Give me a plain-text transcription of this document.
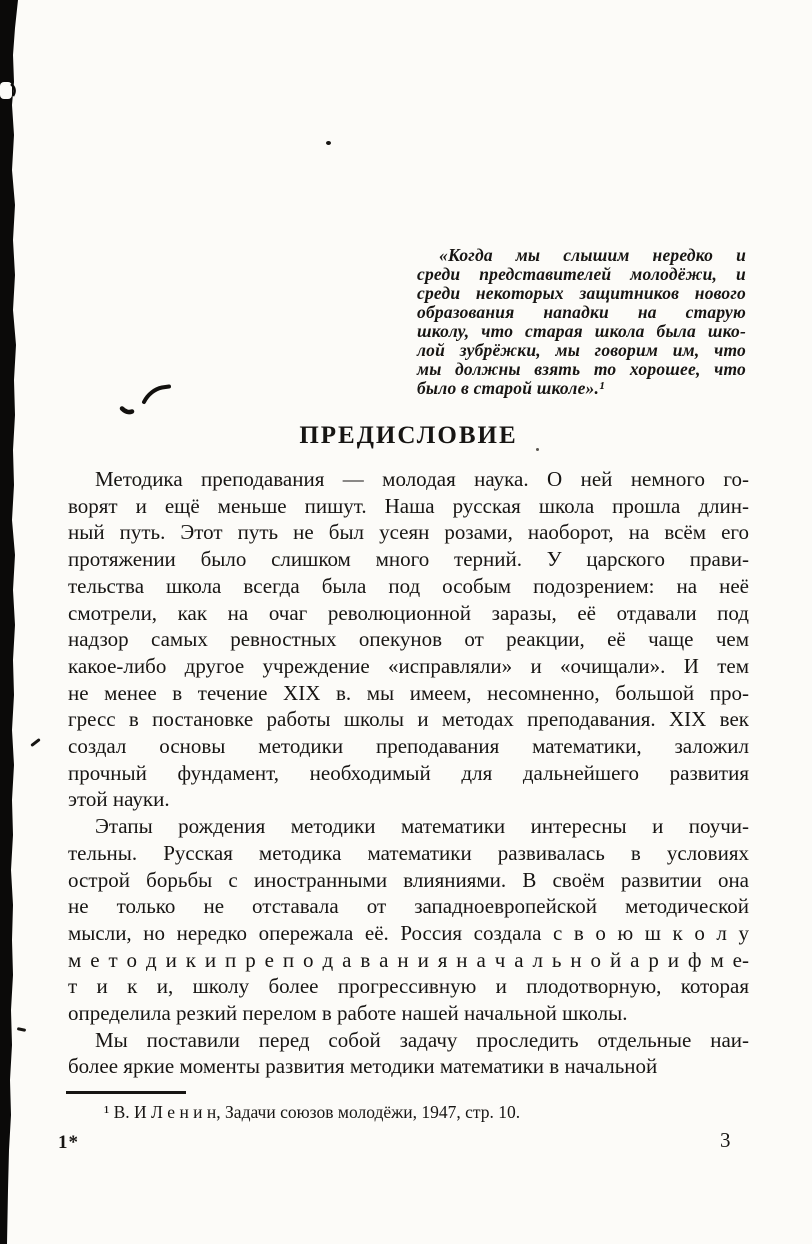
«Когда мы слышим нередко и
среди представителей молодёжи, и
среди некоторых защитников нового
образования нападки на старую
школу, что старая школа была шко-
лой зубрёжки, мы говорим им, что
мы должны взять то хорошее, что
было в старой школе».¹
ПРЕДИСЛОВИЕ
Методика преподавания — молодая наука. О ней немного го-
ворят и ещё меньше пишут. Наша русская школа прошла длин-
ный путь. Этот путь не был усеян розами, наоборот, на всём его
протяжении было слишком много терний. У царского прави-
тельства школа всегда была под особым подозрением: на неё
смотрели, как на очаг революционной заразы, её отдавали под
надзор самых ревностных опекунов от реакции, её чаще чем
какое-либо другое учреждение «исправляли» и «очищали». И тем
не менее в течение XIX в. мы имеем, несомненно, большой про-
гресс в постановке работы школы и методах преподавания. XIX век
создал основы методики преподавания математики, заложил
прочный фундамент, необходимый для дальнейшего развития
этой науки.
Этапы рождения методики математики интересны и поучи-
тельны. Русская методика математики развивалась в условиях
острой борьбы с иностранными влияниями. В своём развитии она
не только не отставала от западноевропейской методической
мысли, но нередко опережала её. Россия создала с в о ю ш к о л у
м е т о д и к и п р е п о д а в а н и я н а ч а л ь н о й а р и ф м е-
т и к и, школу более прогрессивную и плодотворную, которая
определила резкий перелом в работе нашей начальной школы.
Мы поставили перед собой задачу проследить отдельные наи-
более яркие моменты развития методики математики в начальной
¹ В. И Л е н и н, Задачи союзов молодёжи, 1947, стр. 10.
1*	3
